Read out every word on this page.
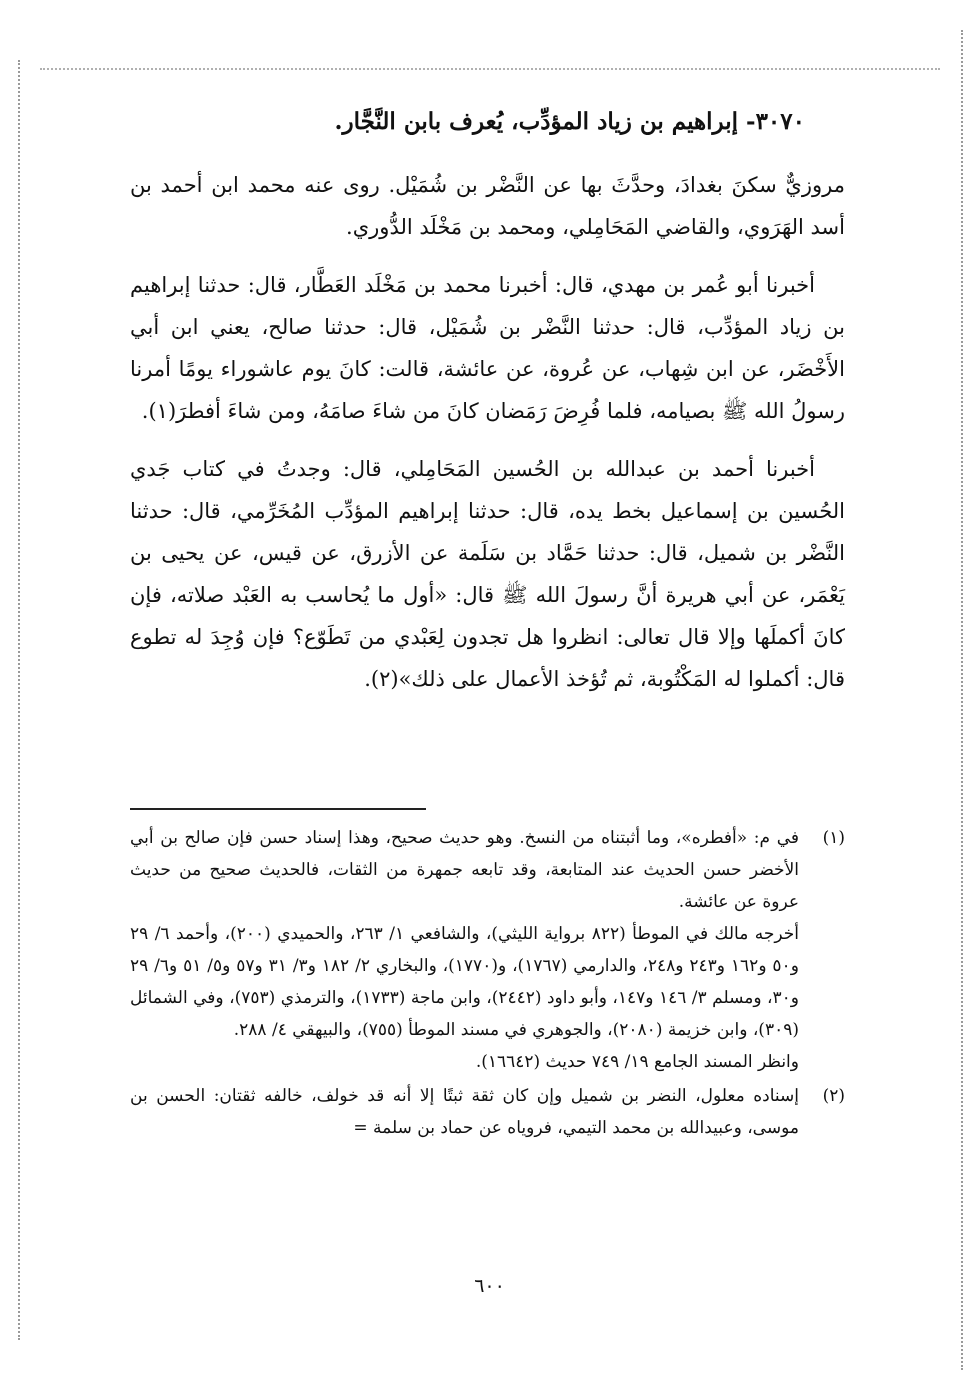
٣٠٧٠- إبراهيم بن زياد المؤدِّب، يُعرف بابن النَّجَّار.

مروزيٌّ سكنَ بغدادَ، وحدَّثَ بها عن النَّضْر بن شُمَيْل. روى عنه محمد ابن أحمد بن أسد الهَرَوي، والقاضي المَحَامِلي، ومحمد بن مَخْلَد الدُّوري.

أخبرنا أبو عُمر بن مهدي، قال: أخبرنا محمد بن مَخْلَد العَطَّار، قال: حدثنا إبراهيم بن زياد المؤدِّب، قال: حدثنا النَّضْر بن شُمَيْل، قال: حدثنا صالح، يعني ابن أبي الأَخْضَر، عن ابن شِهاب، عن عُروة، عن عائشة، قالت: كانَ يوم عاشوراء يومًا أمرنا رسولُ الله ﷺ بصيامه، فلما فُرِضَ رَمَضان كانَ من شاءَ صامَهُ، ومن شاءَ أفطرَ(١).

أخبرنا أحمد بن عبدالله بن الحُسين المَحَامِلي، قال: وجدتُ في كتاب جَدي الحُسين بن إسماعيل بخط يده، قال: حدثنا إبراهيم المؤدِّب المُخَرِّمي، قال: حدثنا النَّضْر بن شميل، قال: حدثنا حَمَّاد بن سَلَمة عن الأزرق، عن قيس، عن يحيى بن يَعْمَر، عن أبي هريرة أنَّ رسولَ الله ﷺ قال: «أول ما يُحاسب به العَبْد صلاته، فإن كانَ أكملَها وإلا قال تعالى: انظروا هل تجدون لِعَبْدي من تَطَوّع؟ فإن وُجِدَ له تطوع قال: أكملوا له المَكْتُوبة، ثم تُؤخذ الأعمال على ذلك»(٢).

(١)

في م: «أفطره»، وما أثبتناه من النسخ. وهو حديث صحيح، وهذا إسناد حسن فإن صالح بن أبي الأخضر حسن الحديث عند المتابعة، وقد تابعه جمهرة من الثقات، فالحديث صحيح من حديث عروة عن عائشة.

أخرجه مالك في الموطأ (٨٢٢ برواية الليثي)، والشافعي ١/ ٢٦٣، والحميدي (٢٠٠)، وأحمد ٦/ ٢٩ و٥٠ و١٦٢ و٢٤٣ و٢٤٨، والدارمي (١٧٦٧)، و(١٧٧٠)، والبخاري ٢/ ١٨٢ و٣/ ٣١ و٥٧ و٥/ ٥١ و٦/ ٢٩ و٣٠، ومسلم ٣/ ١٤٦ و١٤٧، وأبو داود (٢٤٤٢)، وابن ماجة (١٧٣٣)، والترمذي (٧٥٣)، وفي الشمائل (٣٠٩)، وابن خزيمة (٢٠٨٠)، والجوهري في مسند الموطأ (٧٥٥)، والبيهقي ٤/ ٢٨٨.

وانظر المسند الجامع ١٩/ ٧٤٩ حديث (١٦٦٤٢).

(٢)

إسناده معلول، النضر بن شميل وإن كان ثقة ثبتًا إلا أنه قد خولف، خالفه ثقتان: الحسن بن موسى، وعبيدالله بن محمد التيمي، فروياه عن حماد بن سلمة =

٦٠٠
